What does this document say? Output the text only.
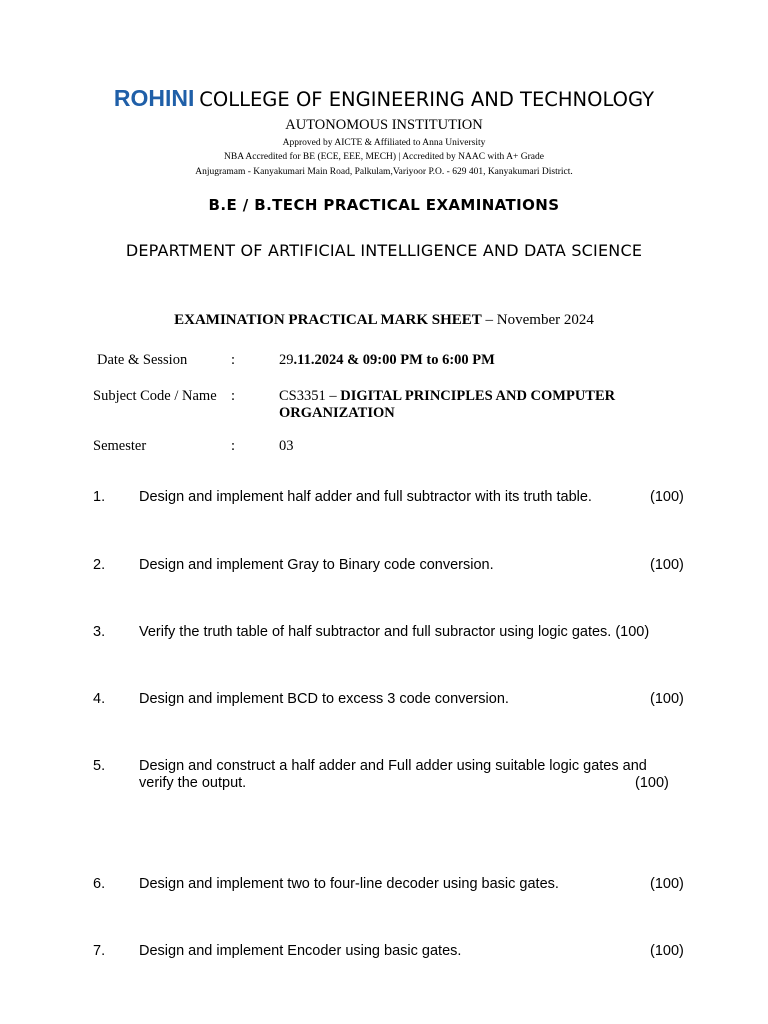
ROHINI COLLEGE OF ENGINEERING AND TECHNOLOGY
AUTONOMOUS INSTITUTION
Approved by AICTE & Affiliated to Anna University
NBA Accredited for BE (ECE, EEE, MECH) | Accredited by NAAC with A+ Grade
Anjugramam - Kanyakumari Main Road, Palkulam,Variyoor P.O. - 629 401, Kanyakumari District.
B.E / B.TECH PRACTICAL EXAMINATIONS
DEPARTMENT OF ARTIFICIAL INTELLIGENCE AND DATA SCIENCE
EXAMINATION PRACTICAL MARK SHEET – November 2024
Date & Session	:	29.11.2024 & 09:00 PM to 6:00 PM
Subject Code / Name :	CS3351 – DIGITAL PRINCIPLES AND COMPUTER ORGANIZATION
Semester	:	03
1. Design and implement half adder and full subtractor with its truth table.	(100)
2. Design and implement Gray to Binary code conversion.	(100)
3. Verify the truth table of half subtractor and full subractor using logic gates. (100)
4. Design and implement BCD to excess 3 code conversion.	(100)
5. Design and construct a half adder and Full adder using suitable logic gates and
verify the output.	(100)
6. Design and implement two to four-line decoder using basic gates.	(100)
7. Design and implement Encoder using basic gates.	(100)
